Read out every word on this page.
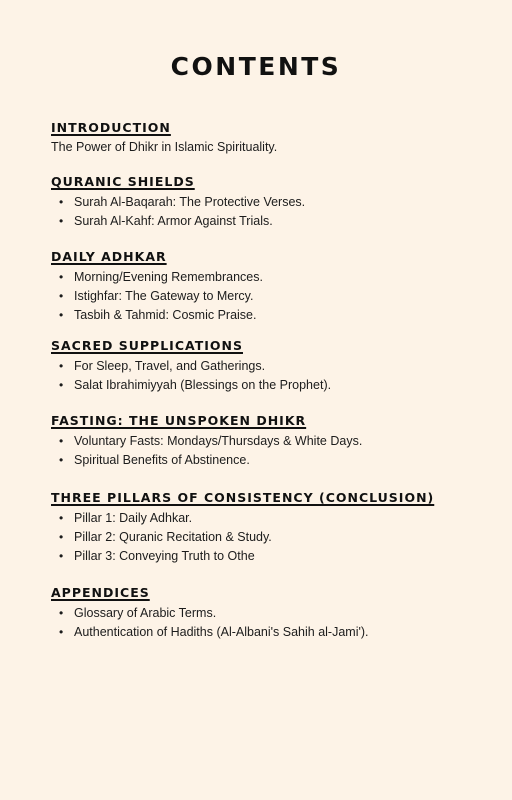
CONTENTS
INTRODUCTION
The Power of Dhikr in Islamic Spirituality.
QURANIC SHIELDS
• Surah Al-Baqarah: The Protective Verses.
• Surah Al-Kahf: Armor Against Trials.
DAILY ADHKAR
• Morning/Evening Remembrances.
• Istighfar: The Gateway to Mercy.
• Tasbih & Tahmid: Cosmic Praise.
SACRED SUPPLICATIONS
• For Sleep, Travel, and Gatherings.
• Salat Ibrahimiyyah (Blessings on the Prophet).
FASTING: THE UNSPOKEN DHIKR
• Voluntary Fasts: Mondays/Thursdays & White Days.
• Spiritual Benefits of Abstinence.
THREE PILLARS OF CONSISTENCY (CONCLUSION)
• Pillar 1: Daily Adhkar.
• Pillar 2: Quranic Recitation & Study.
• Pillar 3: Conveying Truth to Othe
APPENDICES
• Glossary of Arabic Terms.
• Authentication of Hadiths (Al-Albani's Sahih al-Jami').
